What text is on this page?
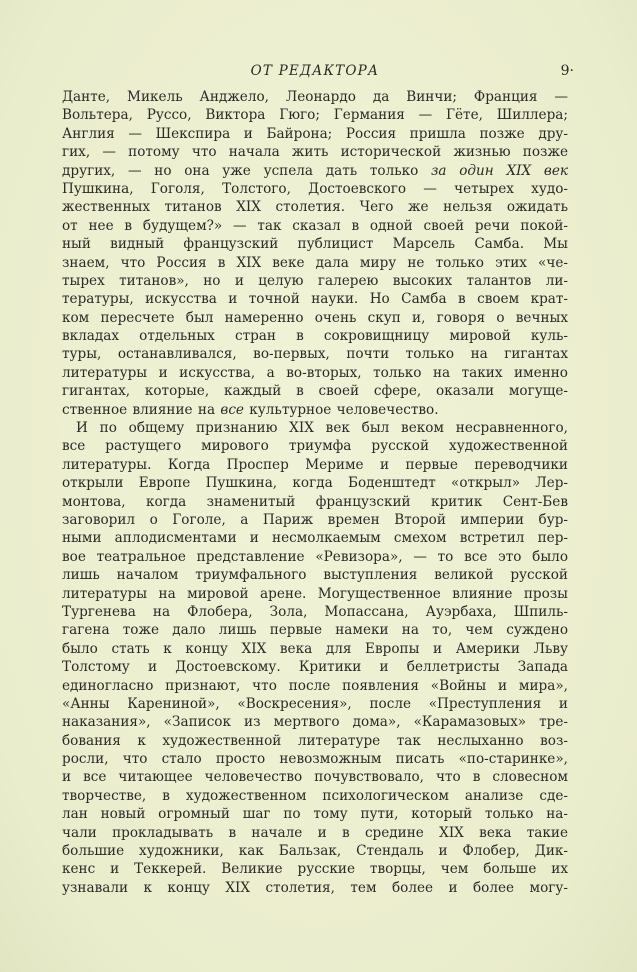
ОТ РЕДАКТОРА	9·
Данте, Микель Анджело, Леонардо да Винчи; Франция —
Вольтера, Руссо, Виктора Гюго; Германия — Гёте, Шиллера;
Англия — Шекспира и Байрона; Россия пришла позже дру-
гих, — потому что начала жить исторической жизнью позже
других, — но она уже успела дать только за один XIX век
Пушкина, Гоголя, Толстого, Достоевского — четырех худо-
жественных титанов XIX столетия. Чего же нельзя ожидать
от нее в будущем?» — так сказал в одной своей речи покой-
ный видный французский публицист Марсель Самба. Мы
знаем, что Россия в XIX веке дала миру не только этих «че-
тырех титанов», но и целую галерею высоких талантов ли-
тературы, искусства и точной науки. Но Самба в своем крат-
ком пересчете был намеренно очень скуп и, говоря о вечных
вкладах отдельных стран в сокровищницу мировой куль-
туры, останавливался, во-первых, почти только на гигантах
литературы и искусства, а во-вторых, только на таких именно
гигантах, которые, каждый в своей сфере, оказали могуще-
ственное влияние на все культурное человечество.
И по общему признанию XIX век был веком несравненного,
все растущего мирового триумфа русской художественной
литературы. Когда Проспер Мериме и первые переводчики
открыли Европе Пушкина, когда Боденштедт «открыл» Лер-
монтова, когда знаменитый французский критик Сент-Бев
заговорил о Гоголе, а Париж времен Второй империи бур-
ными аплодисментами и несмолкаемым смехом встретил пер-
вое театральное представление «Ревизора», — то все это было
лишь началом триумфального выступления великой русской
литературы на мировой арене. Могущественное влияние прозы
Тургенева на Флобера, Зола, Мопассана, Ауэрбаха, Шпиль-
гагена тоже дало лишь первые намеки на то, чем суждено
было стать к концу XIX века для Европы и Америки Льву
Толстому и Достоевскому. Критики и беллетристы Запада
единогласно признают, что после появления «Войны и мира»,
«Анны Карениной», «Воскресения», после «Преступления и
наказания», «Записок из мертвого дома», «Карамазовых» тре-
бования к художественной литературе так неслыханно воз-
росли, что стало просто невозможным писать «по-старинке»,
и все читающее человечество почувствовало, что в словесном
творчестве, в художественном психологическом анализе сде-
лан новый огромный шаг по тому пути, который только на-
чали прокладывать в начале и в средине XIX века такие
большие художники, как Бальзак, Стендаль и Флобер, Дик-
кенс и Теккерей. Великие русские творцы, чем больше их
узнавали к концу XIX столетия, тем более и более могу-
